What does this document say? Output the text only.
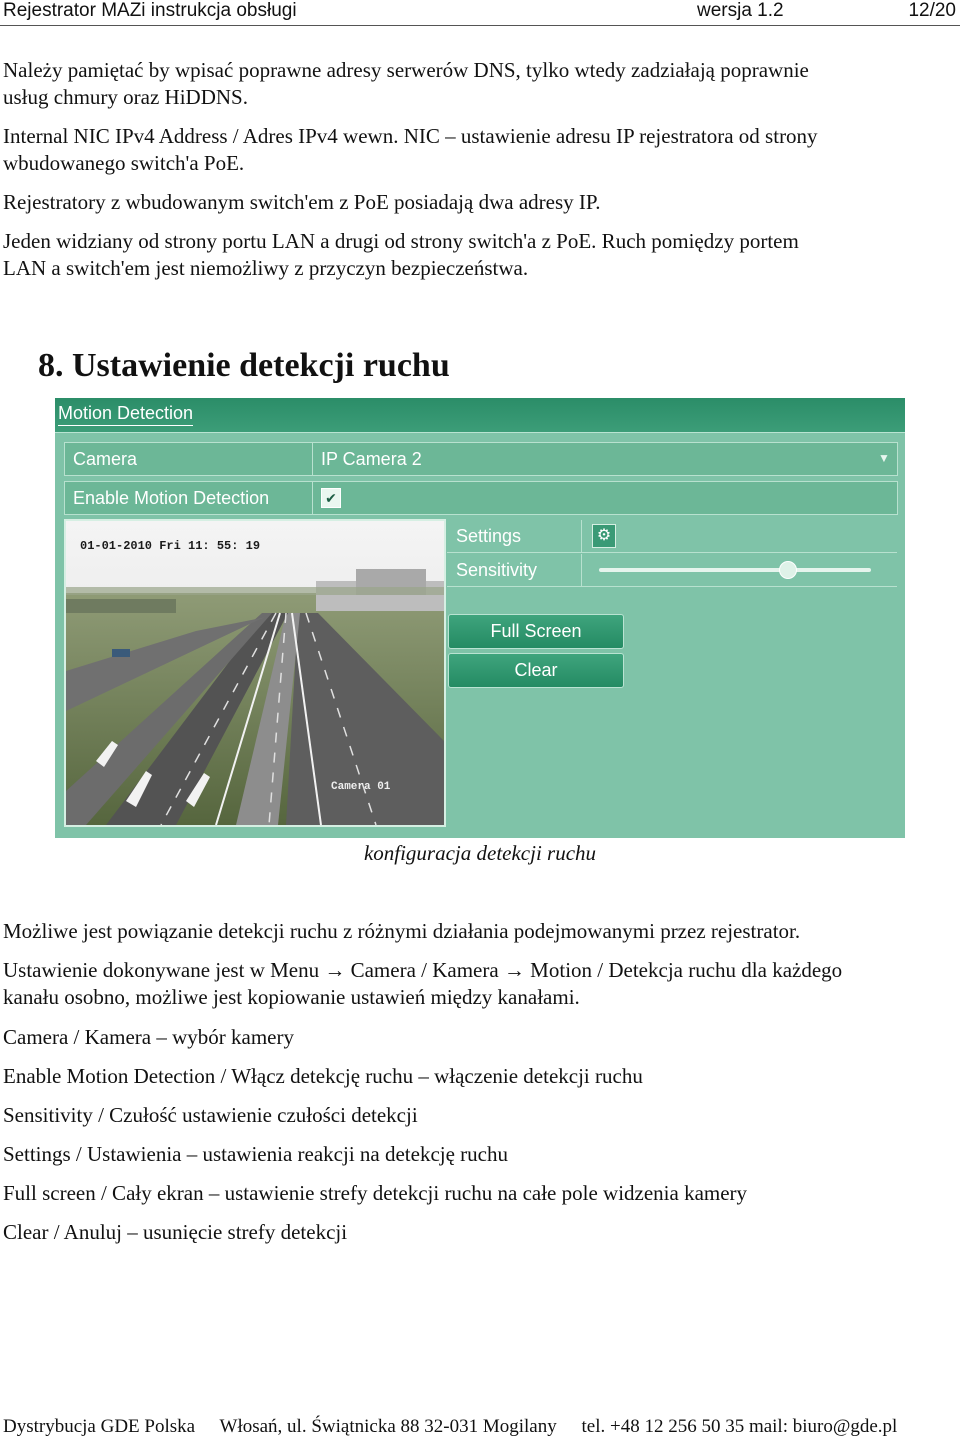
Rejestrator MAZi instrukcja obsługi	wersja 1.2	12/20

Należy pamiętać by wpisać poprawne adresy serwerów DNS, tylko wtedy zadziałają poprawnie
usług chmury oraz HiDDNS.

Internal NIC IPv4 Address / Adres IPv4 wewn. NIC – ustawienie adresu IP rejestratora od strony
wbudowanego switch'a PoE.

Rejestratory z wbudowanym switch'em z PoE posiadają dwa adresy IP.

Jeden widziany od strony portu LAN a drugi od strony switch'a z PoE. Ruch pomiędzy portem
LAN a switch'em jest niemożliwy z przyczyn bezpieczeństwa.

8. Ustawienie detekcji ruchu
Motion Detection
Camera	IP Camera 2	▼
Enable Motion Detection	✔
01-01-2010 Fri 11: 55: 19
Camera 01
Settings	⚙
Sensitivity
Full Screen
Clear
konfiguracja detekcji ruchu

Możliwe jest powiązanie detekcji ruchu z różnymi działania podejmowanymi przez rejestrator.

Ustawienie dokonywane jest w Menu → Camera / Kamera → Motion / Detekcja ruchu dla każdego
kanału osobno, możliwe jest kopiowanie ustawień między kanałami.

Camera / Kamera – wybór kamery

Enable Motion Detection / Włącz detekcję ruchu – włączenie detekcji ruchu

Sensitivity / Czułość ustawienie czułości detekcji

Settings / Ustawienia – ustawienia reakcji na detekcję ruchu

Full screen / Cały ekran – ustawienie strefy detekcji ruchu na całe pole widzenia kamery

Clear / Anuluj – usunięcie strefy detekcji

Dystrybucja GDE Polska Włosań, ul. Świątnicka 88 32-031 Mogilany tel. +48 12 256 50 35 mail: biuro@gde.pl
